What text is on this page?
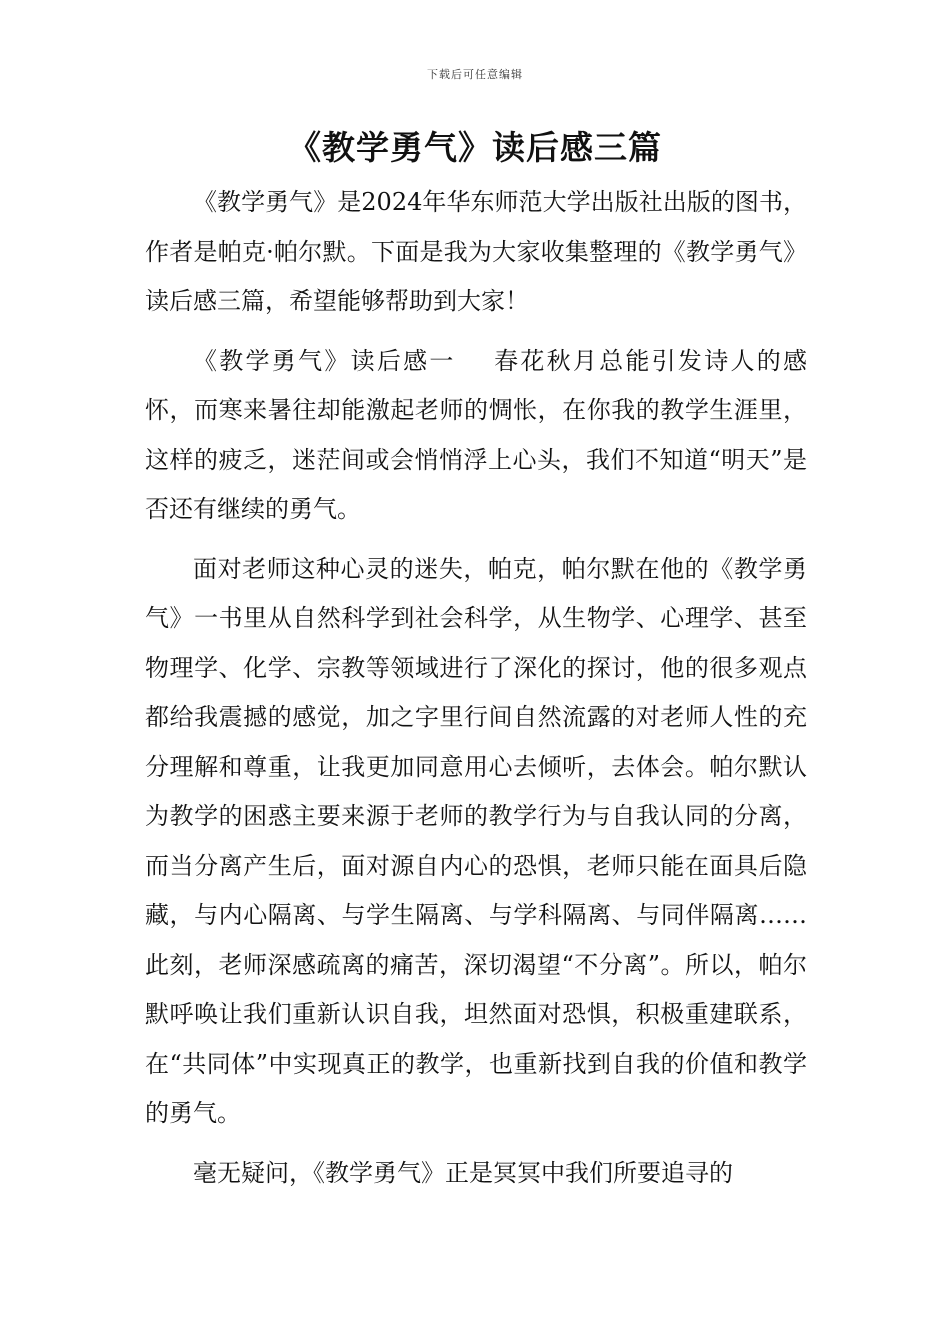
下载后可任意编辑
《教学勇气》读后感三篇

《教学勇气》是2024年华东师范大学出版社出版的图书，作者是帕克·帕尔默。下面是我为大家收集整理的《教学勇气》读后感三篇，希望能够帮助到大家！

《教学勇气》读后感一 春花秋月总能引发诗人的感怀，而寒来暑往却能激起老师的惆怅，在你我的教学生涯里，这样的疲乏，迷茫间或会悄悄浮上心头，我们不知道“明天”是否还有继续的勇气。

面对老师这种心灵的迷失，帕克，帕尔默在他的《教学勇气》一书里从自然科学到社会科学，从生物学、心理学、甚至物理学、化学、宗教等领域进行了深化的探讨，他的很多观点都给我震撼的感觉，加之字里行间自然流露的对老师人性的充分理解和尊重，让我更加同意用心去倾听，去体会。帕尔默认为教学的困惑主要来源于老师的教学行为与自我认同的分离，而当分离产生后，面对源自内心的恐惧，老师只能在面具后隐藏，与内心隔离、与学生隔离、与学科隔离、与同伴隔离……此刻，老师深感疏离的痛苦，深切渴望“不分离”。所以，帕尔默呼唤让我们重新认识自我，坦然面对恐惧，积极重建联系，在“共同体”中实现真正的教学，也重新找到自我的价值和教学的勇气。

毫无疑问，《教学勇气》正是冥冥中我们所要追寻的
